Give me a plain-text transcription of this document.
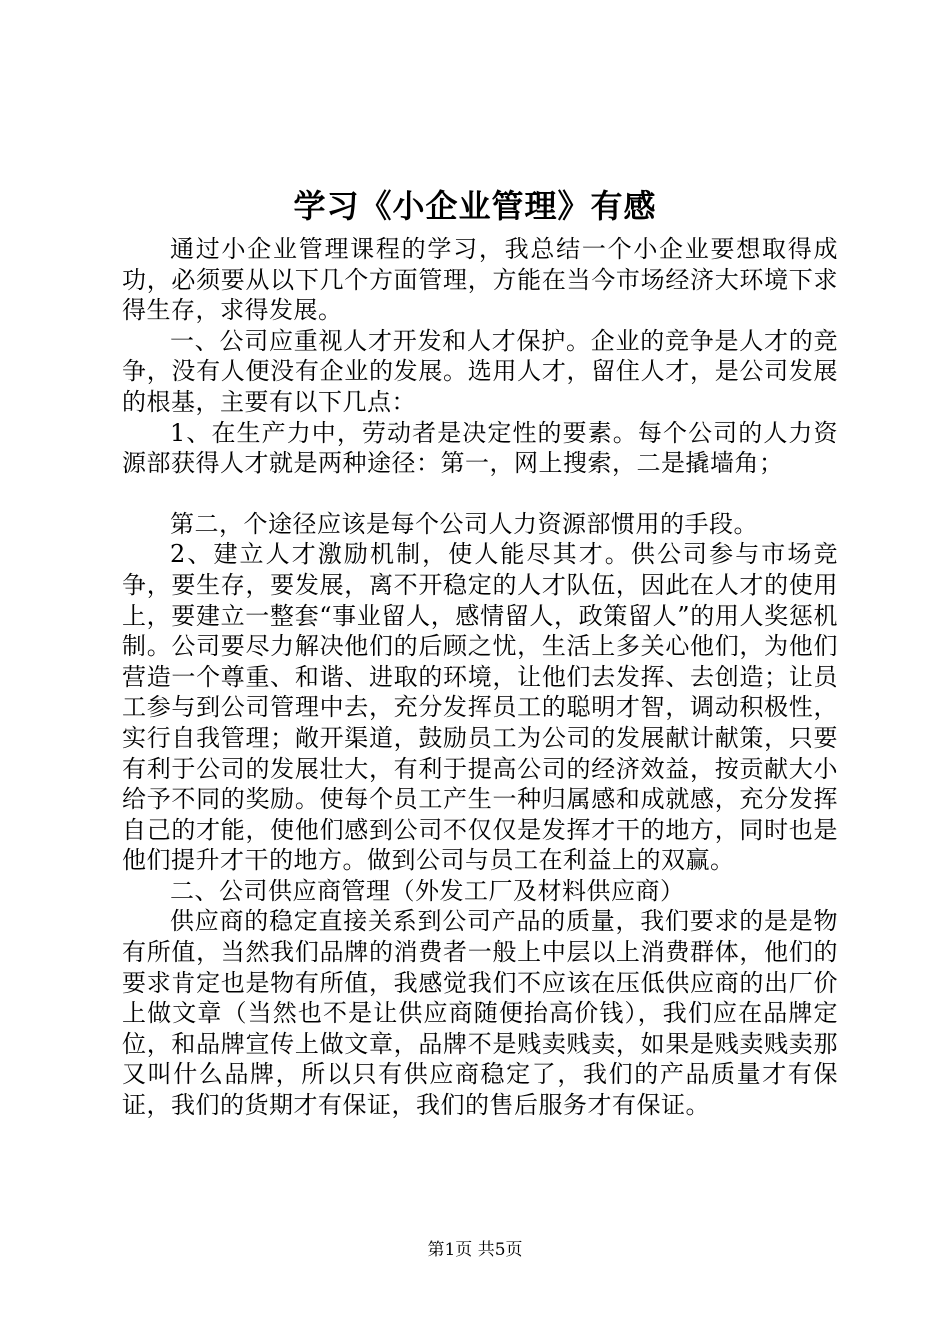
学习《小企业管理》有感

通过小企业管理课程的学习，我总结一个小企业要想取得成功，必须要从以下几个方面管理，方能在当今市场经济大环境下求得生存，求得发展。

一、公司应重视人才开发和人才保护。企业的竞争是人才的竞争，没有人便没有企业的发展。选用人才，留住人才，是公司发展的根基，主要有以下几点：

1、在生产力中，劳动者是决定性的要素。每个公司的人力资源部获得人才就是两种途径：第一，网上搜索，二是撬墙角；

第二，个途径应该是每个公司人力资源部惯用的手段。

2、建立人才激励机制，使人能尽其才。供公司参与市场竞争，要生存，要发展，离不开稳定的人才队伍，因此在人才的使用上，要建立一整套“事业留人，感情留人，政策留人”的用人奖惩机制。公司要尽力解决他们的后顾之忧，生活上多关心他们，为他们营造一个尊重、和谐、进取的环境，让他们去发挥、去创造；让员工参与到公司管理中去，充分发挥员工的聪明才智，调动积极性，实行自我管理；敞开渠道，鼓励员工为公司的发展献计献策，只要有利于公司的发展壮大，有利于提高公司的经济效益，按贡献大小给予不同的奖励。使每个员工产生一种归属感和成就感，充分发挥自己的才能，使他们感到公司不仅仅是发挥才干的地方，同时也是他们提升才干的地方。做到公司与员工在利益上的双赢。

二、公司供应商管理（外发工厂及材料供应商）

供应商的稳定直接关系到公司产品的质量，我们要求的是是物有所值，当然我们品牌的消费者一般上中层以上消费群体，他们的要求肯定也是物有所值，我感觉我们不应该在压低供应商的出厂价上做文章（当然也不是让供应商随便抬高价钱），我们应在品牌定位，和品牌宣传上做文章，品牌不是贱卖贱卖，如果是贱卖贱卖那又叫什么品牌，所以只有供应商稳定了，我们的产品质量才有保证，我们的货期才有保证，我们的售后服务才有保证。

第1页 共5页
